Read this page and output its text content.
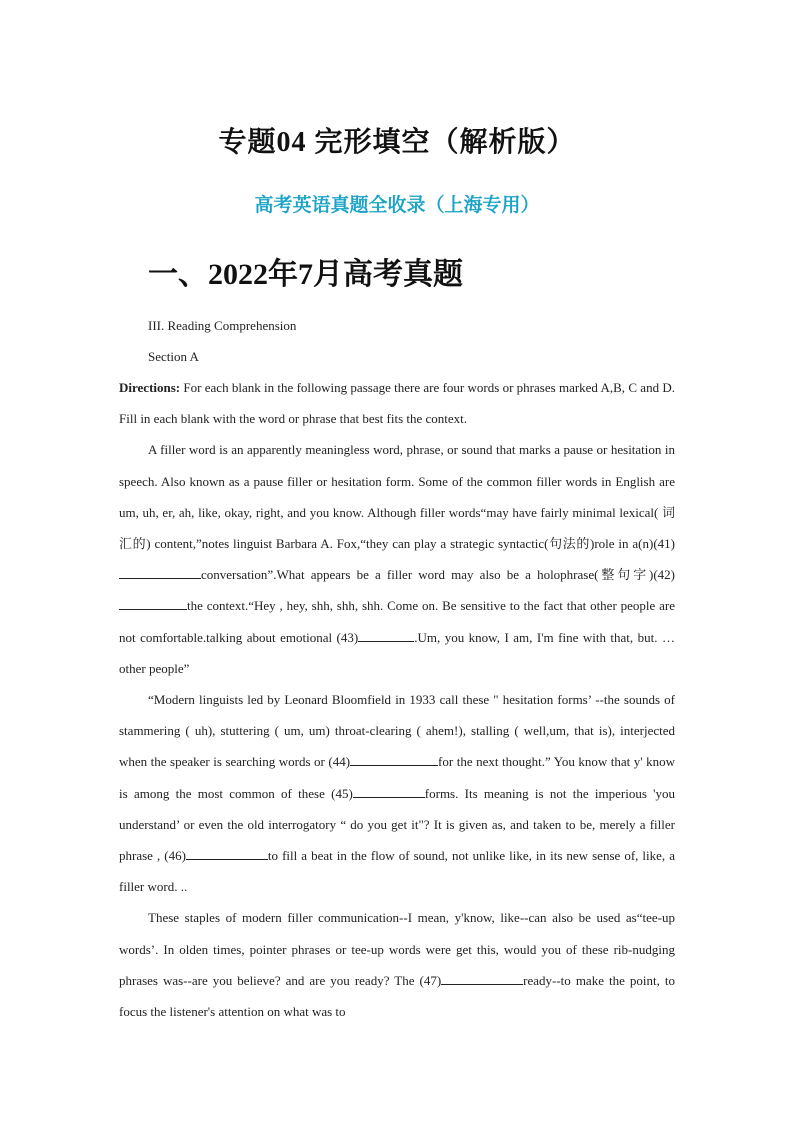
专题04 完形填空（解析版）
高考英语真题全收录（上海专用）
一、2022年7月高考真题
III. Reading Comprehension
Section A

Directions: For each blank in the following passage there are four words or phrases marked A,B, C and D. Fill in each blank with the word or phrase that best fits the context.

A filler word is an apparently meaningless word, phrase, or sound that marks a pause or hesitation in speech. Also known as a pause filler or hesitation form. Some of the common filler words in English are um, uh, er, ah, like, okay, right, and you know. Although filler words“may have fairly minimal lexical( 词汇的) content,”notes linguist Barbara A. Fox,“they can play a strategic syntactic(句法的)role in a(n)(41)conversation”.What appears be a filler word may also be a holophrase(整句字)(42)the context.“Hey , hey, shh, shh, shh. Come on. Be sensitive to the fact that other people are not comfortable.talking about emotional (43)	.Um, you know, I am, I'm fine with that, but. …other people”

“Modern linguists led by Leonard Bloomfield in 1933 call these " hesitation forms’ --the sounds of stammering ( uh), stuttering ( um, um) throat-clearing ( ahem!), stalling ( well,um, that is), interjected when the speaker is searching words or (44)	for the next thought.” You know that y' know is among the most common of these (45)	forms. Its meaning is not the imperious 'you understand’ or even the old interrogatory “ do you get it"? It is given as, and taken to be, merely a filler phrase , (46)	to fill a beat in the flow of sound, not unlike like, in its new sense of, like, a filler word. ..

These staples of modern filler communication--I mean, y'know, like--can also be used as“tee-up words’. In olden times, pointer phrases or tee-up words were get this, would you of these rib-nudging phrases was--are you believe? and are you ready? The (47)	ready--to make the point, to focus the listener's attention on what was to
